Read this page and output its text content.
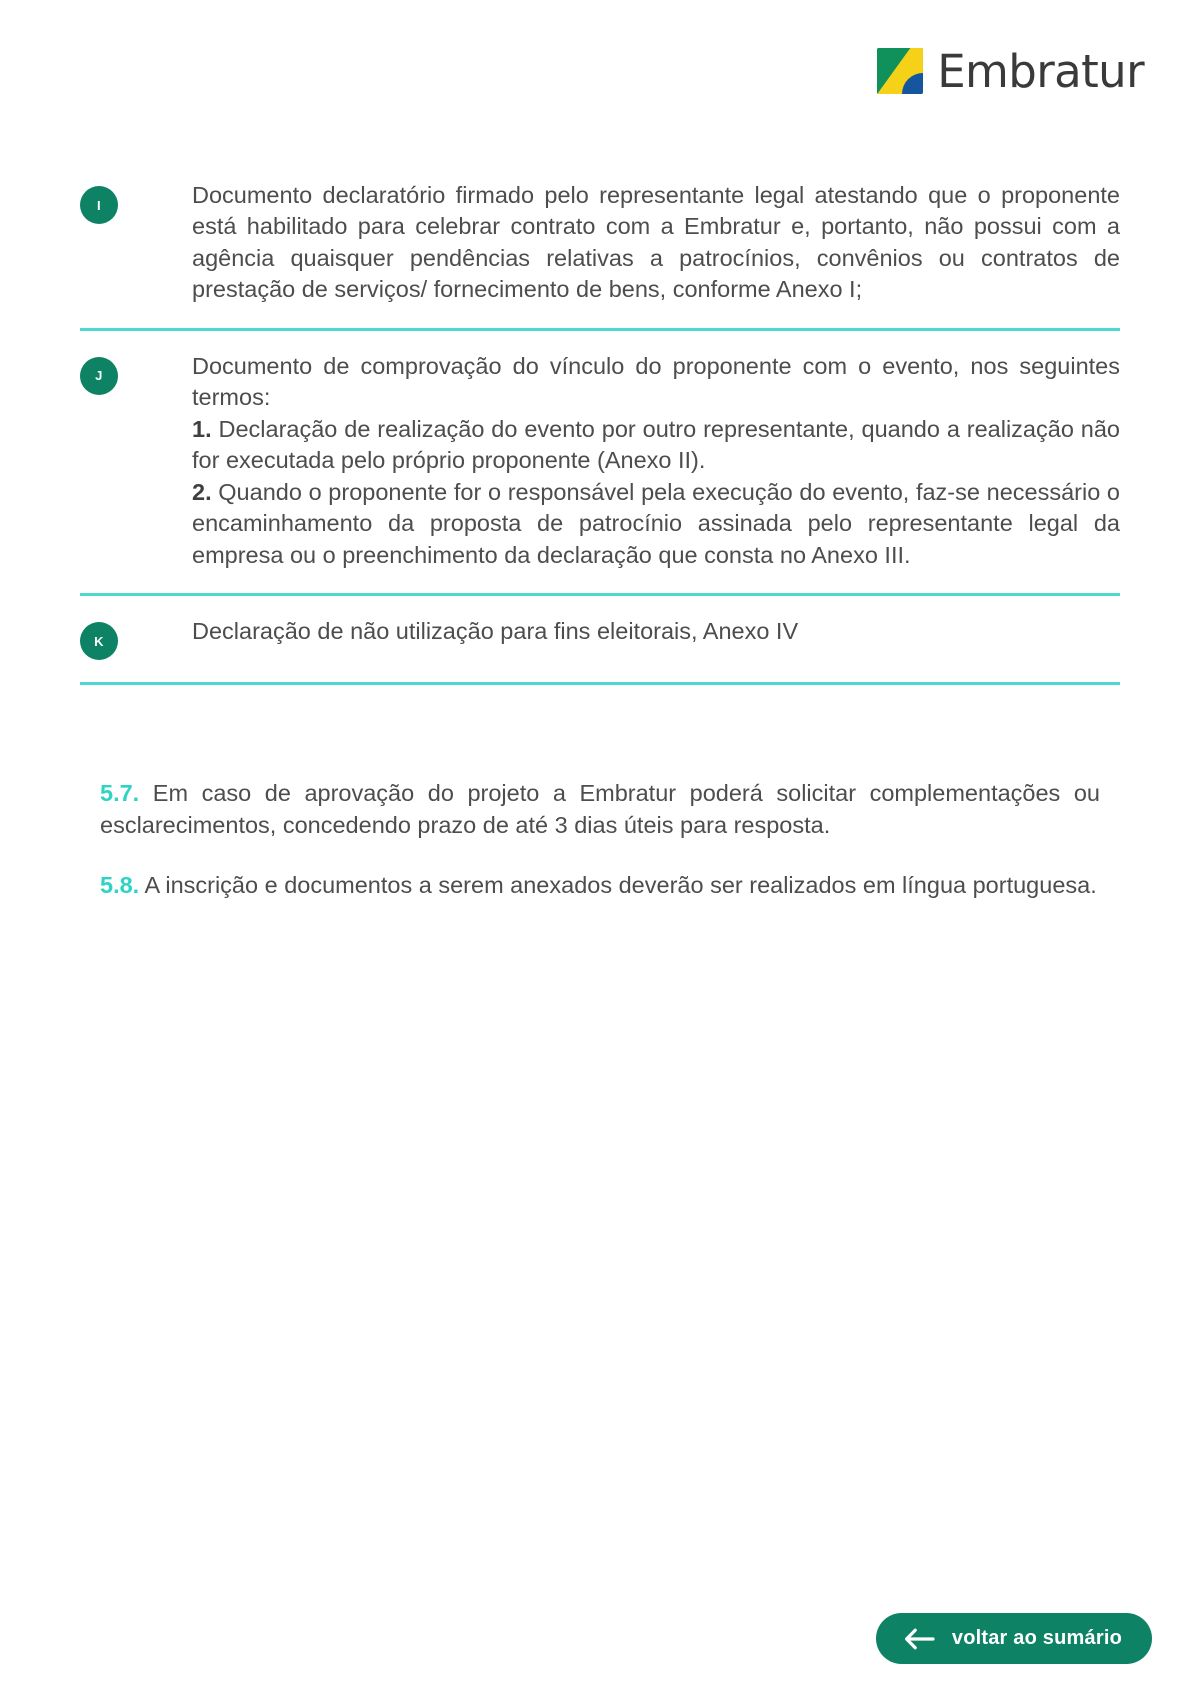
Embratur
I	Documento declaratório firmado pelo representante legal atestando que o proponente está habilitado para celebrar contrato com a Embratur e, portanto, não possui com a agência quaisquer pendências relativas a patrocínios, convênios ou contratos de prestação de serviços/ fornecimento de bens, conforme Anexo I;

J	Documento de comprovação do vínculo do proponente com o evento, nos seguintes termos:

1. Declaração de realização do evento por outro representante, quando a realização não for executada pelo próprio proponente (Anexo II).

2. Quando o proponente for o responsável pela execução do evento, faz-se necessário o encaminhamento da proposta de patrocínio assinada pelo representante legal da empresa ou o preenchimento da declaração que consta no Anexo III.

K	Declaração de não utilização para fins eleitorais, Anexo IV

5.7. Em caso de aprovação do projeto a Embratur poderá solicitar complementações ou esclarecimentos, concedendo prazo de até 3 dias úteis para resposta.

5.8. A inscrição e documentos a serem anexados deverão ser realizados em língua portuguesa.

voltar ao sumário
